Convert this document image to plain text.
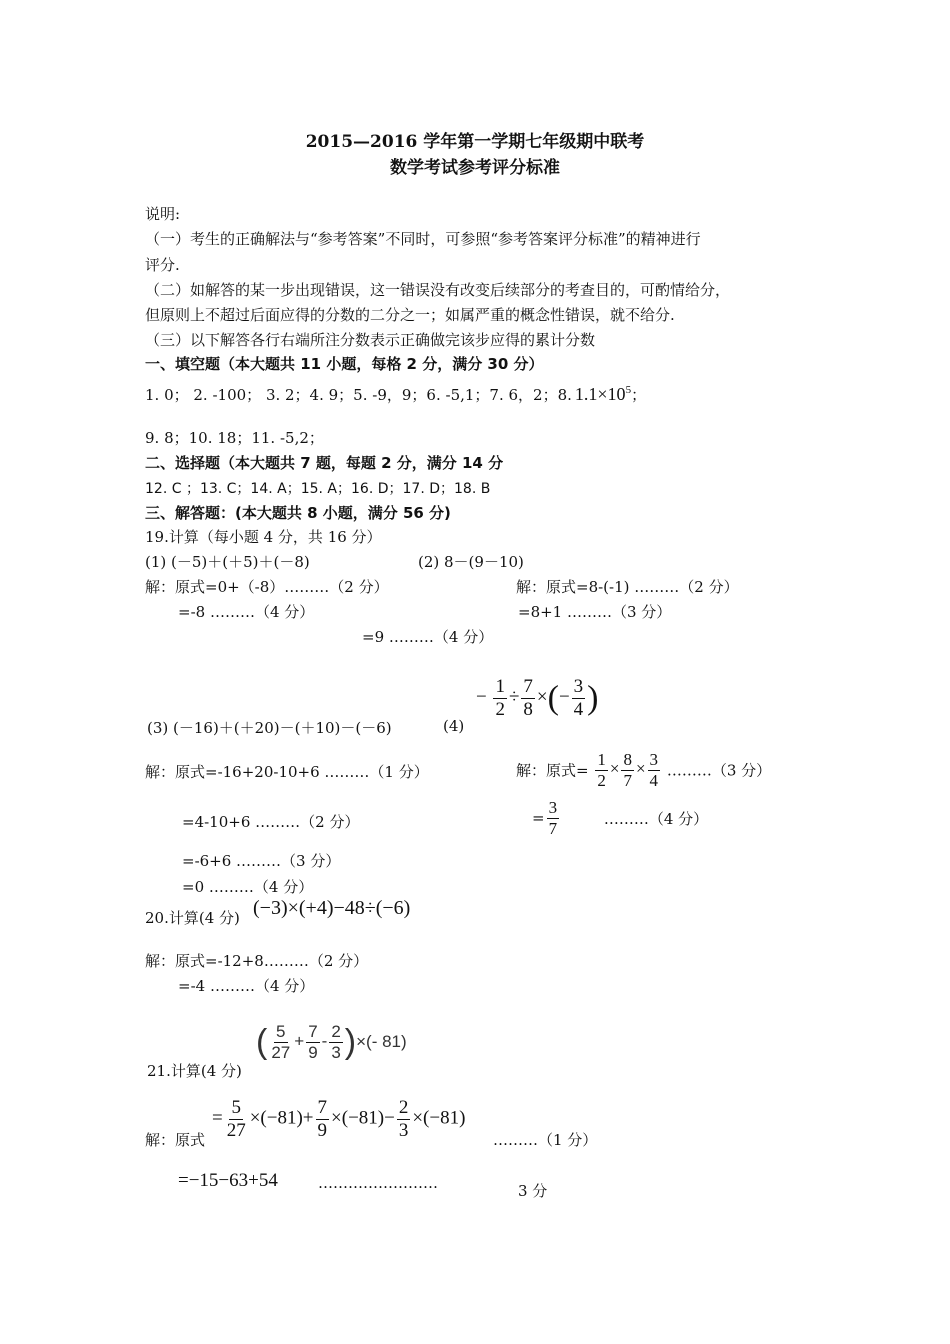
2015—2016 学年第一学期七年级期中联考
数学考试参考评分标准
说明:
（一）考生的正确解法与“参考答案”不同时，可参照“参考答案评分标准”的精神进行
评分.
（二）如解答的某一步出现错误，这一错误没有改变后续部分的考查目的，可酌情给分，
但原则上不超过后面应得的分数的二分之一；如属严重的概念性错误，就不给分.
（三）以下解答各行右端所注分数表示正确做完该步应得的累计分数
一、填空题（本大题共 11 小题，每格 2 分，满分 30 分）
1. 0； 2. -100； 3. 2；4. 9；5. -9，9；6. -5,1；7. 6，2；8. $1.1\times 10^5$；
9. 8；10. 18；11. -5,2；
二、选择题（本大题共 7 题，每题 2 分，满分 14 分
12. C ；13. C；14. A；15. A；16. D；17. D；18. B
三、解答题：(本大题共 8 小题，满分 56 分)
19.计算（每小题 4 分，共 16 分）
(1) (－5)＋(＋5)＋(－8)	(2) 8－(9－10)
解：原式=0+（-8）………（2 分）
=-8 ………（4 分）
解：原式=8-(-1) ………（2 分）
=8+1 ………（3 分）
=9 ………（4 分）
(3) (－16)＋(＋20)－(＋10)－(－6)	(4)
− $\frac{1}{2} \div \frac{7}{8}$ ×(− $\frac{3}{4}$ )
解：原式=-16+20-10+6 ………（1 分）
=4-10+6 ………（2 分）
=-6+6 ………（3 分）
=0 ………（4 分）
解：原式= $\frac{1}{2} \times \frac{8}{7} \times \frac{3}{4}$ ………（3 分）
= $\frac{3}{7}$	………（4 分）
20.计算(4 分) (−3)×(+4)−48÷(−6)
解：原式=-12+8………（2 分）
=-4 ………（4 分）
21.计算(4 分)
( $\frac{5}{27} + \frac{7}{9} - \frac{2}{3}$ )×(- 81)
解：原式
= $\frac{5}{27} \times(-81)+ \frac{7}{9} \times(-81)- \frac{2}{3} \times(-81)$
………（1 分）
=−15−63+54	……………………	3 分
